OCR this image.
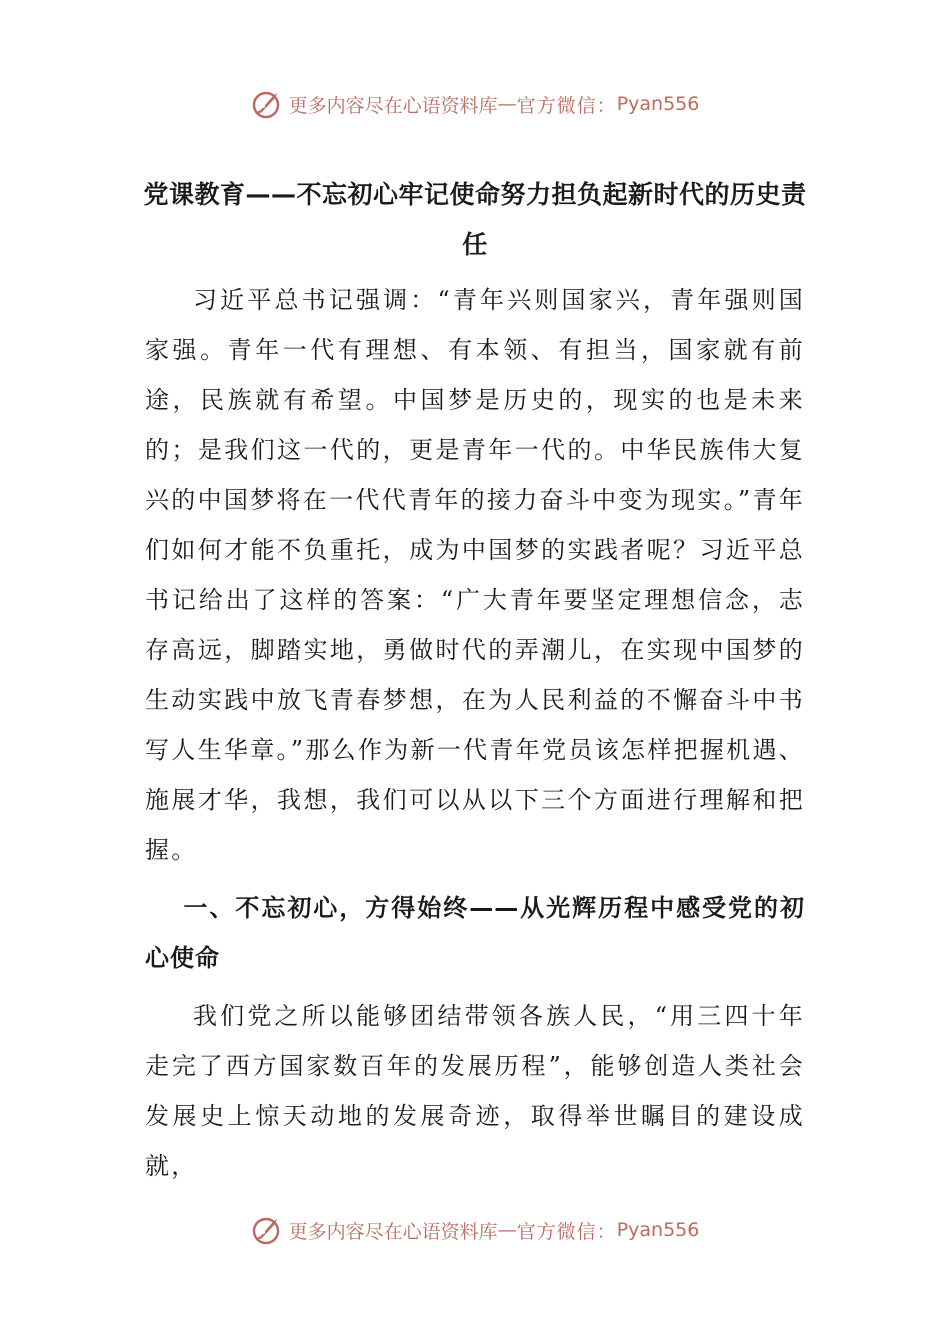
更多内容尽在心语资料库 — 官方微信： Pyan556
党课教育——不忘初心牢记使命努力担负起新时代的历史责任

习近平总书记强调：“青年兴则国家兴，青年强则国家强。青年一代有理想、有本领、有担当，国家就有前途，民族就有希望。中国梦是历史的，现实的也是未来的；是我们这一代的，更是青年一代的。中华民族伟大复兴的中国梦将在一代代青年的接力奋斗中变为现实。”青年们如何才能不负重托，成为中国梦的实践者呢？习近平总书记给出了这样的答案：“广大青年要坚定理想信念，志存高远，脚踏实地，勇做时代的弄潮儿，在实现中国梦的生动实践中放飞青春梦想，在为人民利益的不懈奋斗中书写人生华章。”那么作为新一代青年党员该怎样把握机遇、施展才华，我想，我们可以从以下三个方面进行理解和把握。

一、不忘初心，方得始终——从光辉历程中感受党的初心使命

我们党之所以能够团结带领各族人民，“用三四十年走完了西方国家数百年的发展历程”，能够创造人类社会发展史上惊天动地的发展奇迹，取得举世瞩目的建设成就，

更多内容尽在心语资料库 — 官方微信： Pyan556
